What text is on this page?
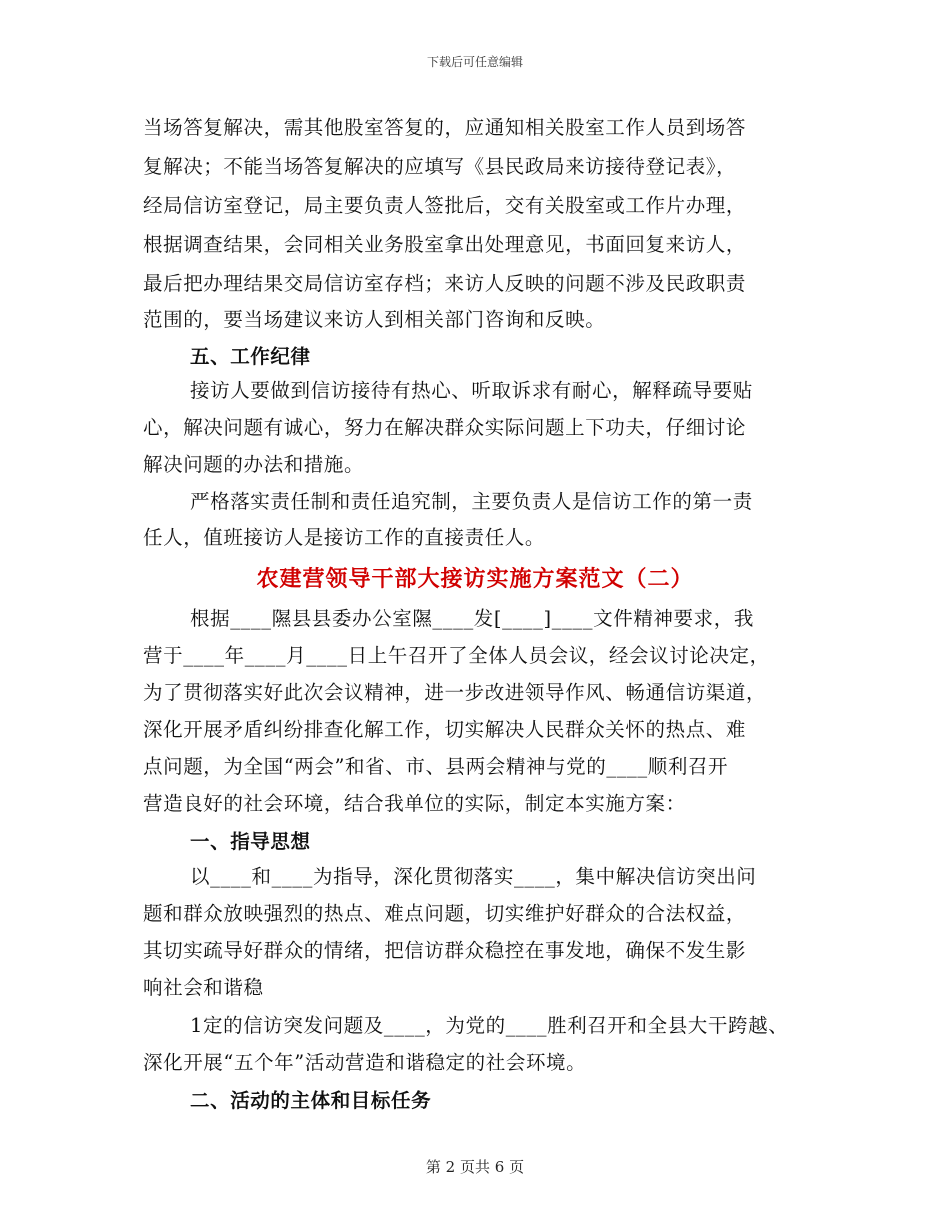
下载后可任意编辑
当场答复解决，需其他股室答复的，应通知相关股室工作人员到场答
复解决；不能当场答复解决的应填写《县民政局来访接待登记表》，
经局信访室登记，局主要负责人签批后，交有关股室或工作片办理，
根据调查结果，会同相关业务股室拿出处理意见，书面回复来访人，
最后把办理结果交局信访室存档；来访人反映的问题不涉及民政职责
范围的，要当场建议来访人到相关部门咨询和反映。
五、工作纪律
接访人要做到信访接待有热心、听取诉求有耐心，解释疏导要贴
心，解决问题有诚心，努力在解决群众实际问题上下功夫，仔细讨论
解决问题的办法和措施。
严格落实责任制和责任追究制，主要负责人是信访工作的第一责
任人，值班接访人是接访工作的直接责任人。
农建营领导干部大接访实施方案范文（二）
根据____隰县县委办公室隰____发[____]____文件精神要求，我
营于____年____月____日上午召开了全体人员会议，经会议讨论决定，
为了贯彻落实好此次会议精神，进一步改进领导作风、畅通信访渠道，
深化开展矛盾纠纷排查化解工作，切实解决人民群众关怀的热点、难
点问题，为全国“两会”和省、市、县两会精神与党的____顺利召开
营造良好的社会环境，结合我单位的实际，制定本实施方案：
一、指导思想
以____和____为指导，深化贯彻落实____，集中解决信访突出问
题和群众放映强烈的热点、难点问题，切实维护好群众的合法权益，
其切实疏导好群众的情绪，把信访群众稳控在事发地，确保不发生影
响社会和谐稳
1定的信访突发问题及____，为党的____胜利召开和全县大干跨越、
深化开展“五个年”活动营造和谐稳定的社会环境。
二、活动的主体和目标任务
第 2 页共 6 页
